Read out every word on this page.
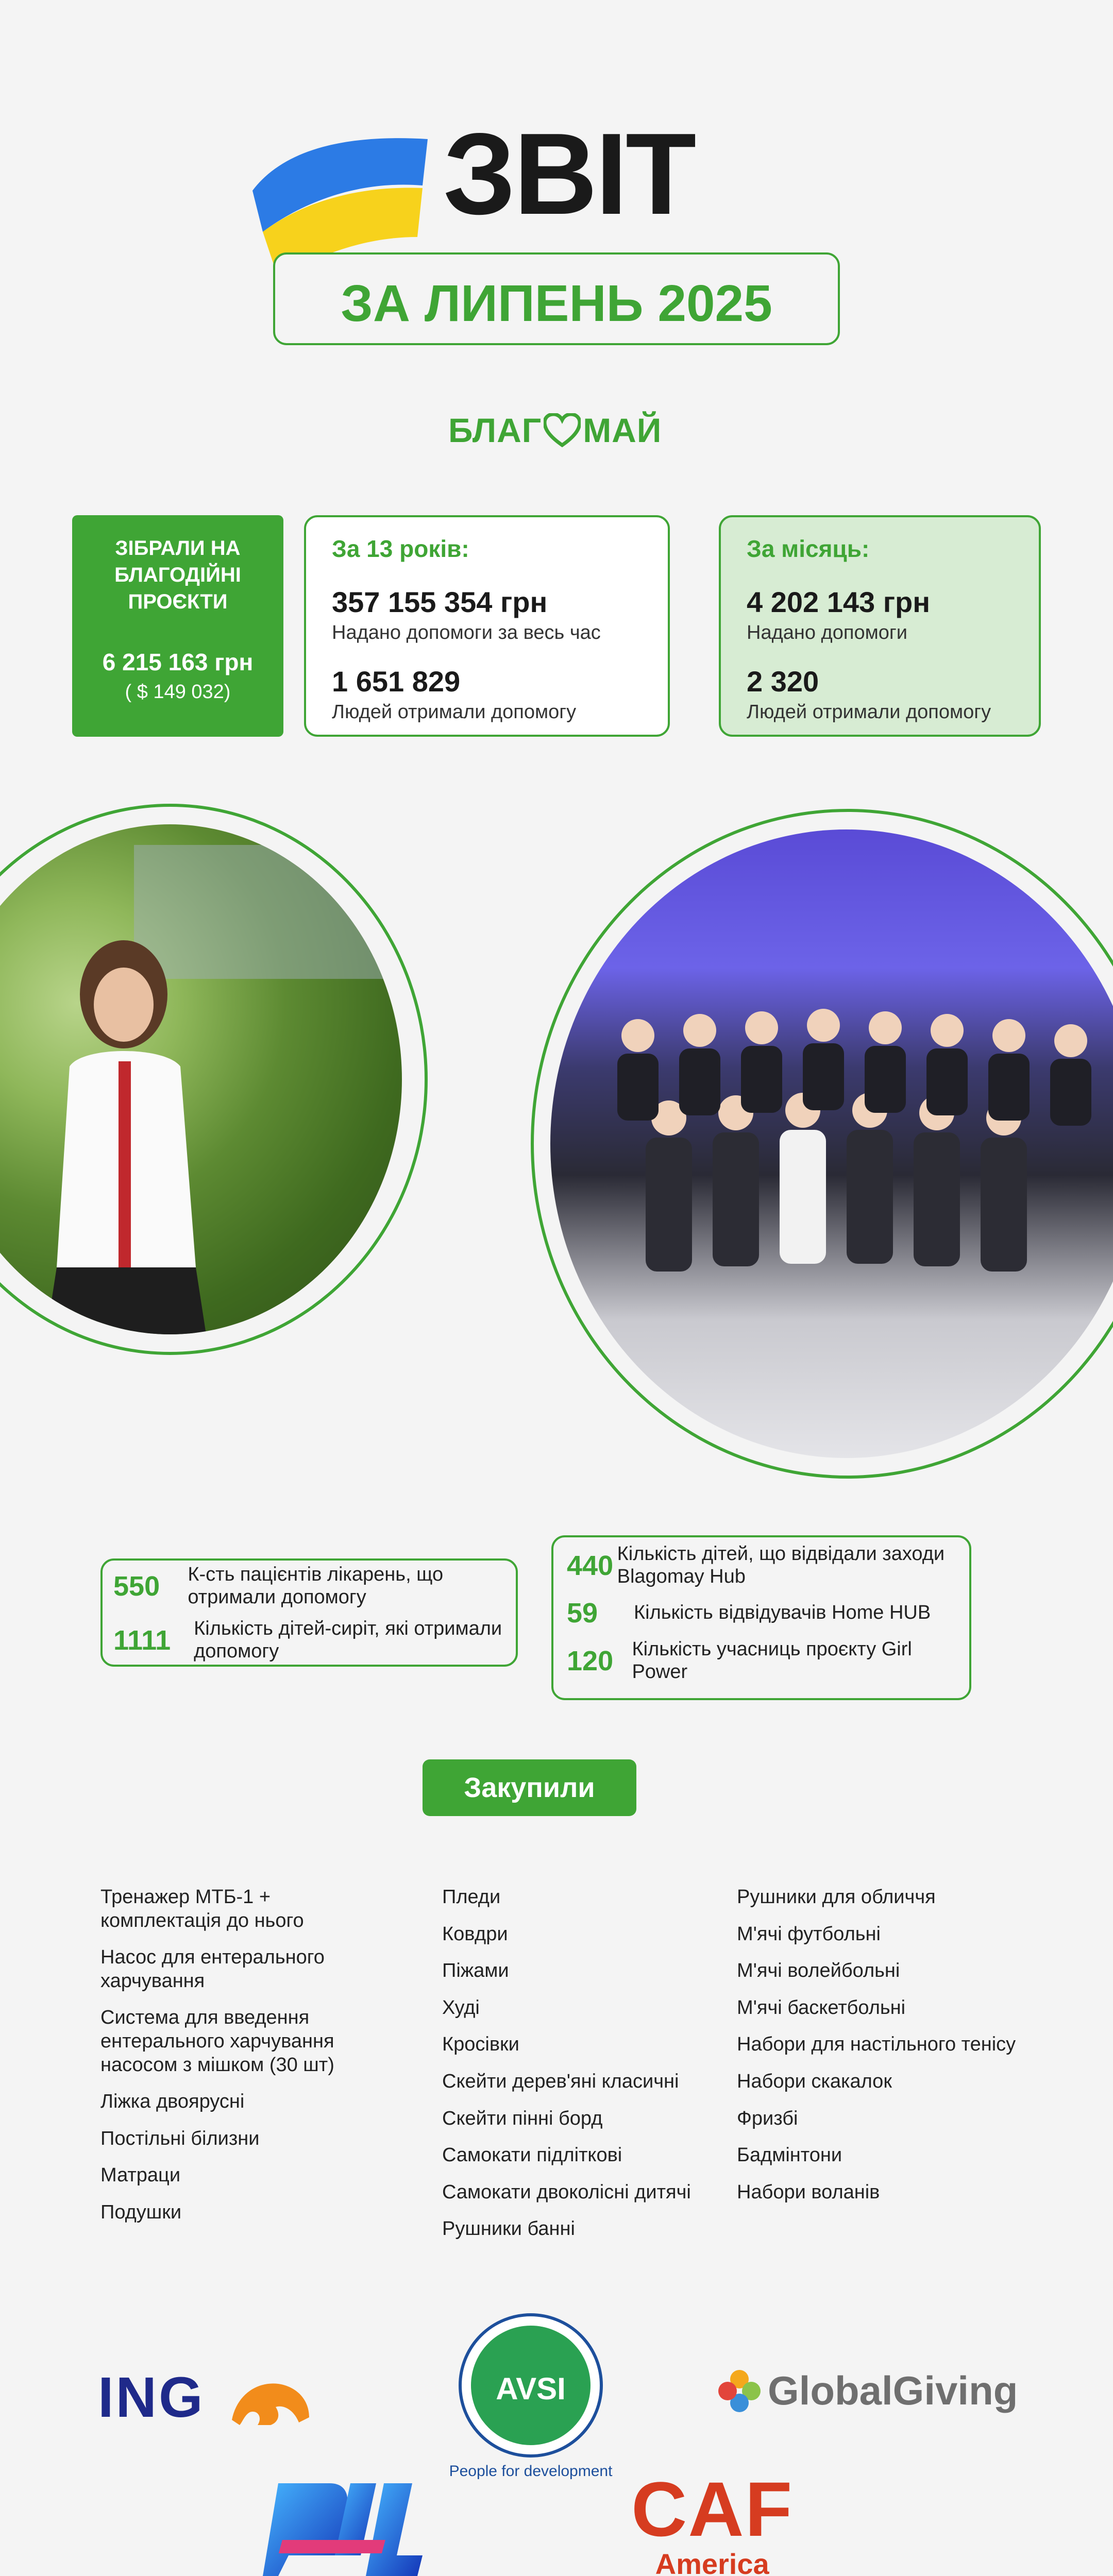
ЗВІТ
ЗА ЛИПЕНЬ 2025
БЛАГ МАЙ
ЗІБРАЛИ НА БЛАГОДІЙНІ ПРОЄКТИ
6 215 163 грн
( $ 149 032)
За 13 років:
357 155 354 грн
Надано допомоги за весь час
1 651 829
Людей отримали допомогу
За місяць:
4 202 143 грн
Надано допомоги
2 320
Людей отримали допомогу
550	К-сть пацієнтів лікарень, що отримали допомогу
1111	Кількість дітей-сиріт, які отримали допомогу
440 Кількість дітей, що відвідали заходи Blagomay Hub
59	Кількість відвідувачів Home HUB
120 Кількість учасниць проєкту Girl Power
Закупили
Тренажер МТБ-1 + комплектація до нього
Насос для ентерального харчування
Система для введення ентерального харчування насосом з мішком (30 шт)
Ліжка двоярусні
Постільні білизни
Матраци
Подушки
Пледи
Ковдри
Піжами
Худі
Кросівки
Скейти дерев'яні класичні
Скейти пінні борд
Самокати підліткові
Самокати двоколісні дитячі
Рушники банні
Рушники для обличчя
М'ячі футбольні
М'ячі волейбольні
М'ячі баскетбольні
Набори для настільного тенісу
Набори скакалок
Фризбі
Бадмінтони
Набори воланів
ING	AVSI
People for development
GlobalGiving
CAF
America
